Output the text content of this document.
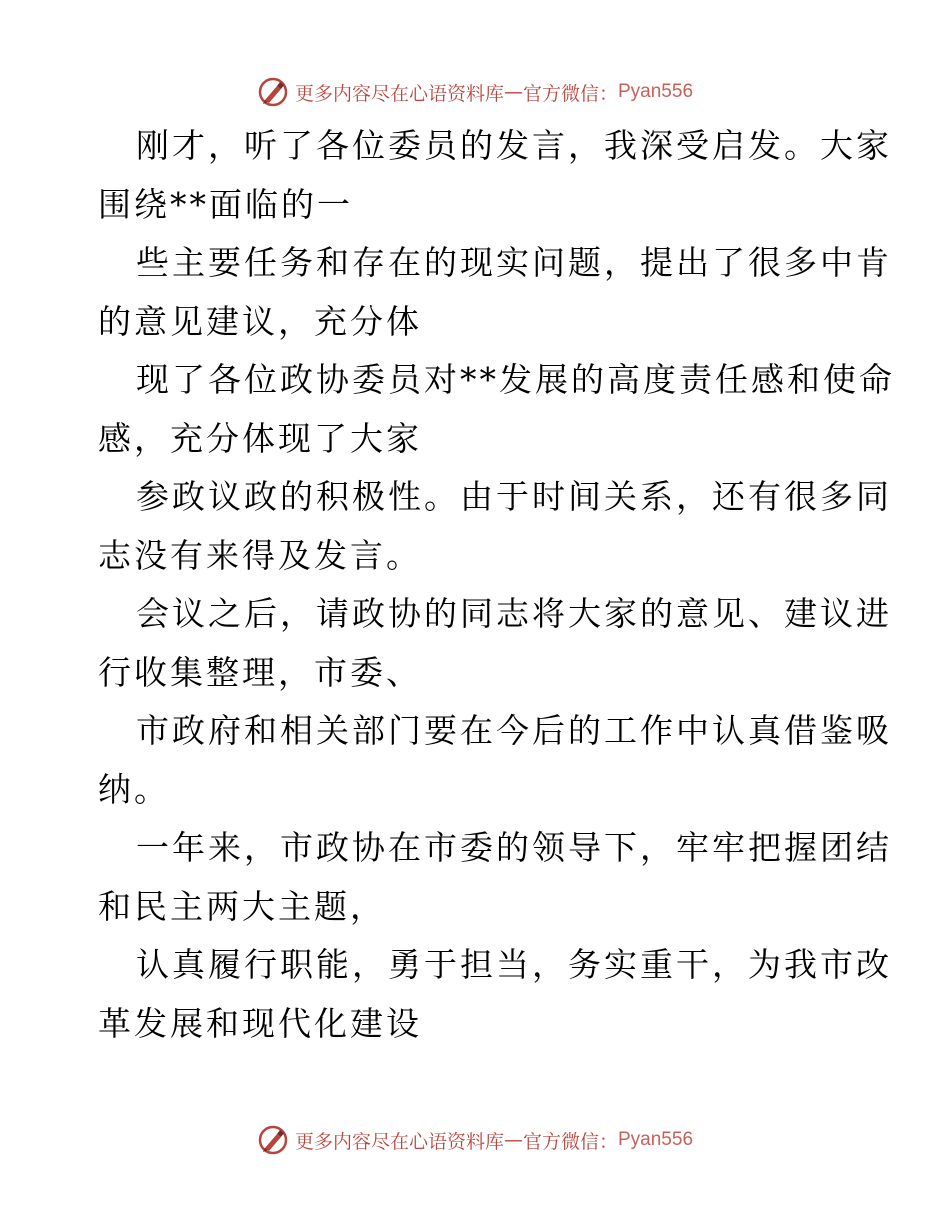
更多内容尽在心语资料库 — 官方微信： Pyan556
刚才，听了各位委员的发言，我深受启发。大家
围绕**面临的一
些主要任务和存在的现实问题，提出了很多中肯
的意见建议，充分体
现了各位政协委员对**发展的高度责任感和使命
感，充分体现了大家
参政议政的积极性。由于时间关系，还有很多同
志没有来得及发言。
会议之后，请政协的同志将大家的意见、建议进
行收集整理，市委、
市政府和相关部门要在今后的工作中认真借鉴吸
纳。
一年来，市政协在市委的领导下，牢牢把握团结
和民主两大主题，
认真履行职能，勇于担当，务实重干，为我市改
革发展和现代化建设
更多内容尽在心语资料库 — 官方微信： Pyan556
